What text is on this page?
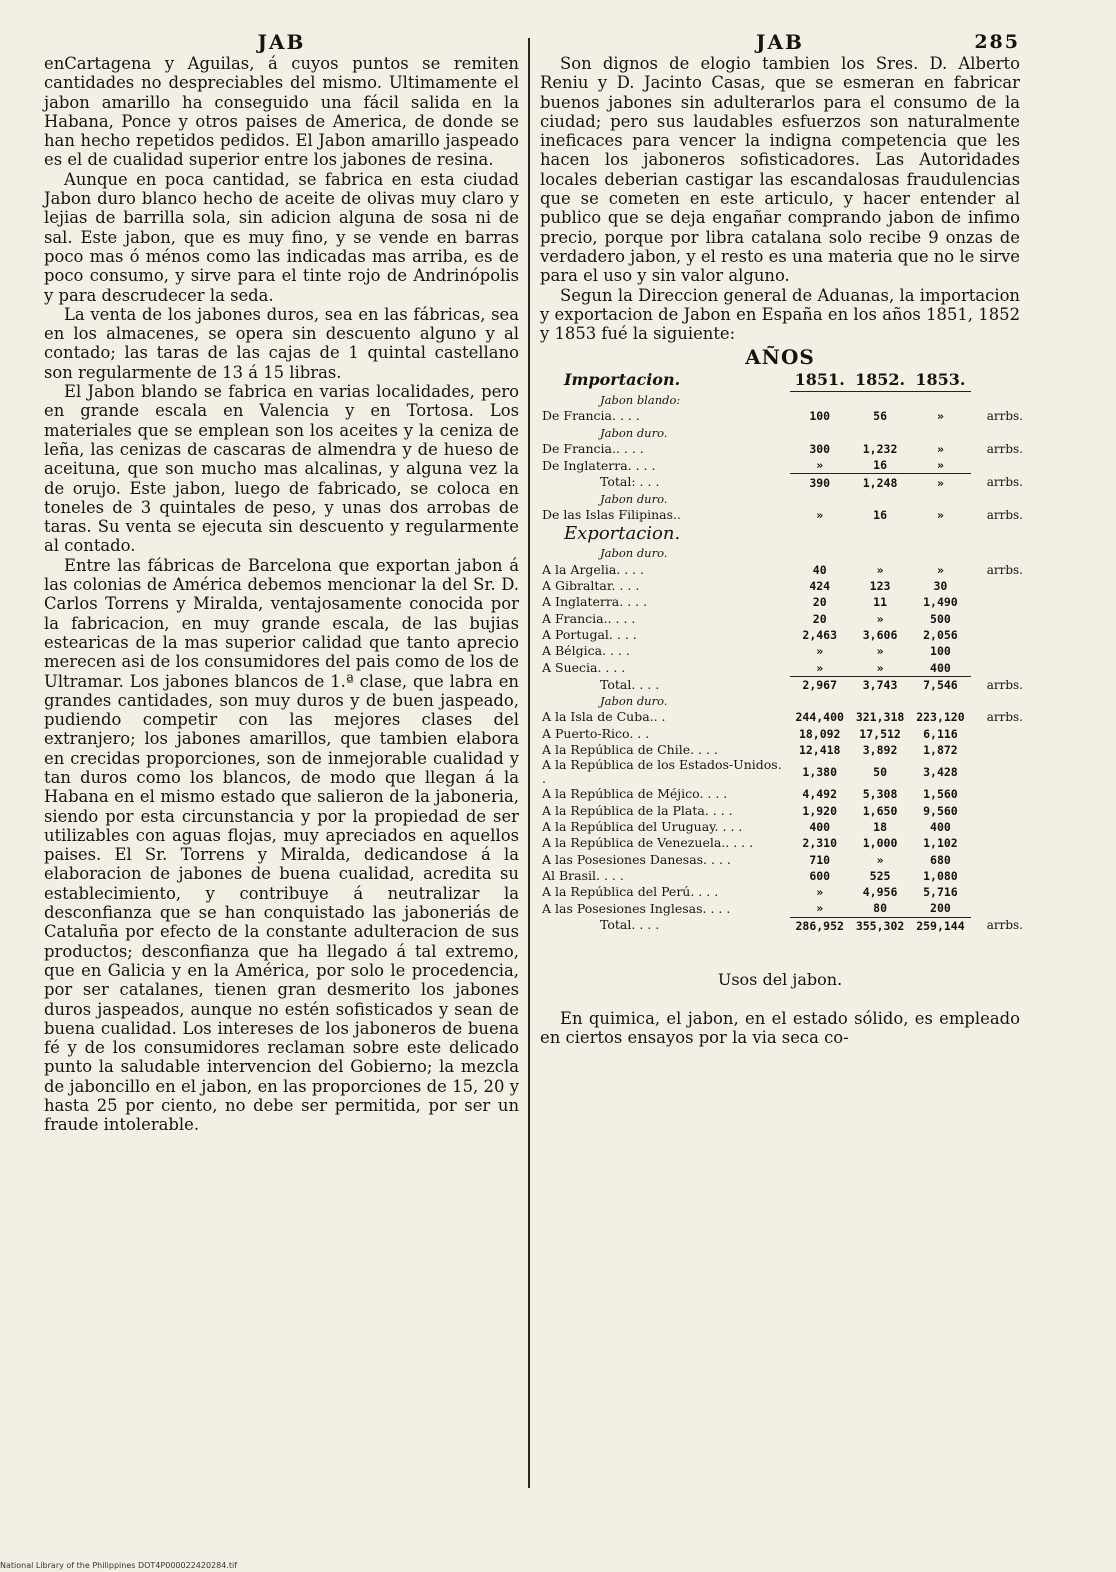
JAB

enCartagena y Aguilas, á cuyos puntos se remiten cantidades no despreciables del mismo. Ultimamente el jabon amarillo ha conseguido una fácil salida en la Habana, Ponce y otros paises de America, de donde se han hecho repetidos pedidos. El Jabon amarillo jaspeado es el de cualidad superior entre los jabones de resina.

Aunque en poca cantidad, se fabrica en esta ciudad Jabon duro blanco hecho de aceite de olivas muy claro y lejias de barrilla sola, sin adicion alguna de sosa ni de sal. Este jabon, que es muy fino, y se vende en barras poco mas ó ménos como las indicadas mas arriba, es de poco consumo, y sirve para el tinte rojo de Andrinópolis y para descrudecer la seda.

La venta de los jabones duros, sea en las fábricas, sea en los almacenes, se opera sin descuento alguno y al contado; las taras de las cajas de 1 quintal castellano son regularmente de 13 á 15 libras.

El Jabon blando se fabrica en varias localidades, pero en grande escala en Valencia y en Tortosa. Los materiales que se emplean son los aceites y la ceniza de leña, las cenizas de cascaras de almendra y de hueso de aceituna, que son mucho mas alcalinas, y alguna vez la de orujo. Este jabon, luego de fabricado, se coloca en toneles de 3 quintales de peso, y unas dos arrobas de taras. Su venta se ejecuta sin descuento y regularmente al contado.

Entre las fábricas de Barcelona que exportan jabon á las colonias de América debemos mencionar la del Sr. D. Carlos Torrens y Miralda, ventajosamente conocida por la fabricacion, en muy grande escala, de las bujias estearicas de la mas superior calidad que tanto aprecio merecen asi de los consumidores del pais como de los de Ultramar. Los jabones blancos de 1.ª clase, que labra en grandes cantidades, son muy duros y de buen jaspeado, pudiendo competir con las mejores clases del extranjero; los jabones amarillos, que tambien elabora en crecidas proporciones, son de inmejorable cualidad y tan duros como los blancos, de modo que llegan á la Habana en el mismo estado que salieron de la jaboneria, siendo por esta circunstancia y por la propiedad de ser utilizables con aguas flojas, muy apreciados en aquellos paises. El Sr. Torrens y Miralda, dedicandose á la elaboracion de jabones de buena cualidad, acredita su establecimiento, y contribuye á neutralizar la desconfianza que se han conquistado las jaboneriás de Cataluña por efecto de la constante adulteracion de sus productos; desconfianza que ha llegado á tal extremo, que en Galicia y en la América, por solo le procedencia, por ser catalanes, tienen gran desmerito los jabones duros jaspeados, aunque no estén sofisticados y sean de buena cualidad. Los intereses de los jaboneros de buena fé y de los consumidores reclaman sobre este delicado punto la saludable intervencion del Gobierno; la mezcla de jaboncillo en el jabon, en las proporciones de 15, 20 y hasta 25 por ciento, no debe ser permitida, por ser un fraude intolerable.

JAB	285

Son dignos de elogio tambien los Sres. D. Alberto Reniu y D. Jacinto Casas, que se esmeran en fabricar buenos jabones sin adulterarlos para el consumo de la ciudad; pero sus laudables esfuerzos son naturalmente ineficaces para vencer la indigna competencia que les hacen los jaboneros sofisticadores. Las Autoridades locales deberian castigar las escandalosas fraudulencias que se cometen en este articulo, y hacer entender al publico que se deja engañar comprando jabon de infimo precio, porque por libra catalana solo recibe 9 onzas de verdadero jabon, y el resto es una materia que no le sirve para el uso y sin valor alguno.

Segun la Direccion general de Aduanas, la importacion y exportacion de Jabon en España en los años 1851, 1852 y 1853 fué la siguiente:

AÑOS
Importacion.	1851.	1852.	1853.	
Jabon blando:				
De Francia. . . .	100	56	»	arrbs.
Jabon duro.				
De Francia.. . . .	300	1,232	»	arrbs.
De Inglaterra. . . .	»	16	»	
Total: . . .	390	1,248	»	arrbs.
Jabon duro.				
De las Islas Filipinas..	»	16	»	arrbs.
Exportacion.				
Jabon duro.				
A la Argelia. . . .	40	»	»	arrbs.
A Gibraltar. . . .	424	123	30	
A Inglaterra. . . .	20	11	1,490	
A Francia.. . . .	20	»	500	
A Portugal. . . .	2,463	3,606	2,056	
A Bélgica. . . .	»	»	100	
A Suecia. . . .	»	»	400	
Total. . . .	2,967	3,743	7,546	arrbs.
Jabon duro.				
A la Isla de Cuba.. .	244,400	321,318	223,120	arrbs.
A Puerto-Rico. . .	18,092	17,512	6,116	
A la República de Chile. . . .	12,418	3,892	1,872	
A la República de los Estados-Unidos. .	1,380	50	3,428	
A la República de Méjico. . . .	4,492	5,308	1,560	
A la República de la Plata. . . .	1,920	1,650	9,560	
A la República del Uruguay. . . .	400	18	400	
A la República de Venezuela.. . . .	2,310	1,000	1,102	
A las Posesiones Danesas. . . .	710	»	680	
Al Brasil. . . .	600	525	1,080	
A la República del Perú. . . .	»	4,956	5,716	
A las Posesiones Inglesas. . . .	»	80	200	
Total. . . .	286,952	355,302	259,144	arrbs.
Usos del jabon.

En quimica, el jabon, en el estado sólido, es empleado en ciertos ensayos por la via seca co-

National Library of the Philippines DOT4P000022420284.tif
